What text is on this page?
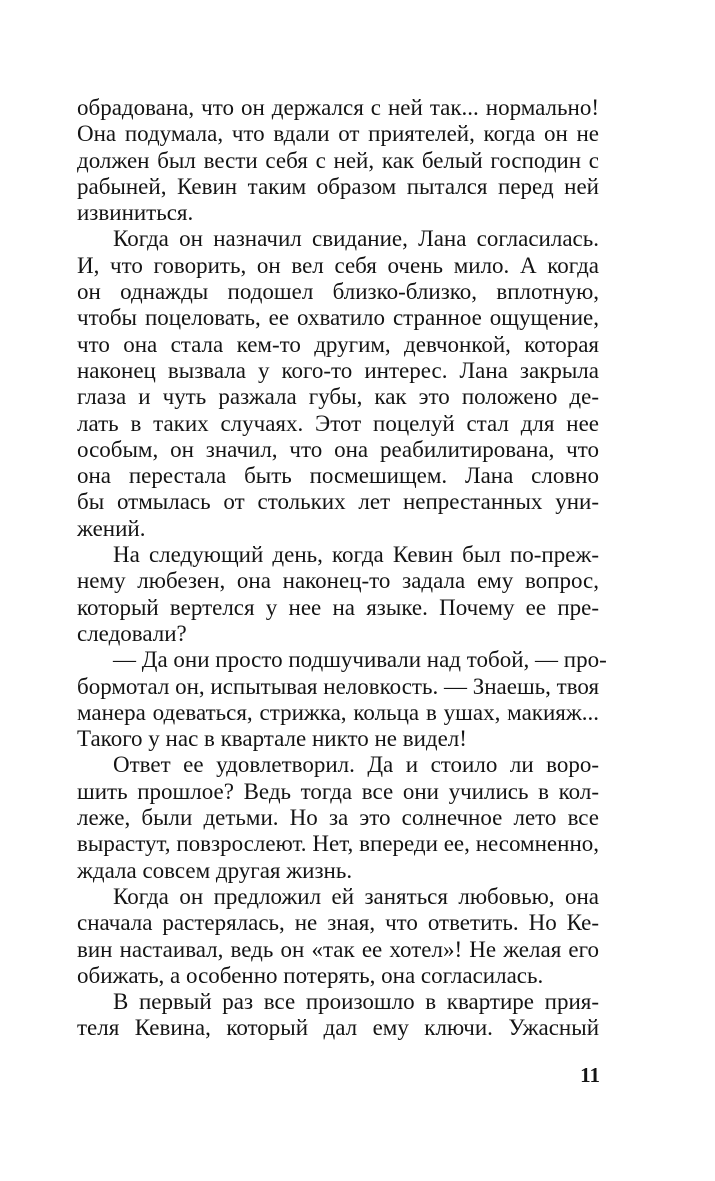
обрадована, что он держался с ней так... нормально!
Она подумала, что вдали от приятелей, когда он не
должен был вести себя с ней, как белый господин с
рабыней, Кевин таким образом пытался перед ней
извиниться.
Когда он назначил свидание, Лана согласилась.
И, что говорить, он вел себя очень мило. А когда
он однажды подошел близко-близко, вплотную,
чтобы поцеловать, ее охватило странное ощущение,
что она стала кем-то другим, девчонкой, которая
наконец вызвала у кого-то интерес. Лана закрыла
глаза и чуть разжала губы, как это положено де-
лать в таких случаях. Этот поцелуй стал для нее
особым, он значил, что она реабилитирована, что
она перестала быть посмешищем. Лана словно
бы отмылась от стольких лет непрестанных уни-
жений.
На следующий день, когда Кевин был по-преж-
нему любезен, она наконец-то задала ему вопрос,
который вертелся у нее на языке. Почему ее пре-
следовали?
— Да они просто подшучивали над тобой, — про-
бормотал он, испытывая неловкость. — Знаешь, твоя
манера одеваться, стрижка, кольца в ушах, макияж...
Такого у нас в квартале никто не видел!
Ответ ее удовлетворил. Да и стоило ли воро-
шить прошлое? Ведь тогда все они учились в кол-
леже, были детьми. Но за это солнечное лето все
вырастут, повзрослеют. Нет, впереди ее, несомненно,
ждала совсем другая жизнь.
Когда он предложил ей заняться любовью, она
сначала растерялась, не зная, что ответить. Но Ке-
вин настаивал, ведь он «так ее хотел»! Не желая его
обижать, а особенно потерять, она согласилась.
В первый раз все произошло в квартире прия-
теля Кевина, который дал ему ключи. Ужасный
11
